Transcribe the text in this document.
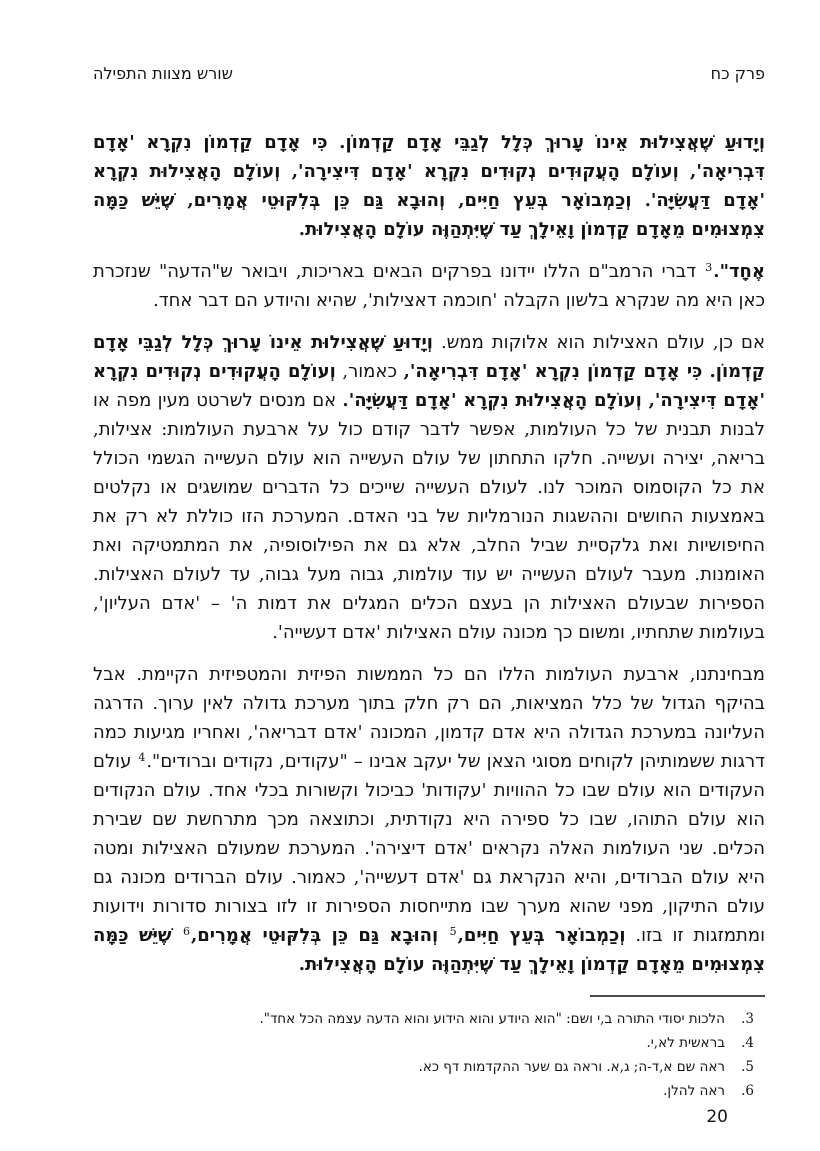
פרק כח
שורש מצוות התפילה

וְיָדוּעַ שֶׁאֲצִילוּת אֵינוֹ עָרוּךְ כְּלָל לְגַבֵּי אָדָם קַדְמוֹן. כִּי אָדָם קַדְמוֹן נִקְרָא 'אָדָם דִּבְרִיאָה', וְעוֹלָם הָעֲקוּדִים נְקוּדִים נִקְרָא 'אָדָם דִּיצִירָה', וְעוֹלָם הָאֲצִילוּת נִקְרָא 'אָדָם דַּעֲשִׂיָּה'. וְכַמְבוֹאָר בְּעֵץ חַיִּים, וְהוּבָא גַּם כֵּן בְּלִקּוּטֵי אֲמָרִים, שֶׁיֵּשׁ כַּמָּה צִמְצוּמִים מֵאָדָם קַדְמוֹן וָאֵילָךְ עַד שֶׁיִּתְהַוֶּה עוֹלָם הָאֲצִילוּת.

אֶחָד".$^3$ דברי הרמב"ם הללו יידונו בפרקים הבאים באריכות, ויבואר ש"הדעה" שנזכרת כאן היא מה שנקרא בלשון הקבלה 'חוכמה דאצילות', שהיא והיודע הם דבר אחד.

אם כן, עולם האצילות הוא אלוקות ממש. וְיָדוּעַ שֶׁאֲצִילוּת אֵינוֹ עָרוּךְ כְּלָל לְגַבֵּי אָדָם קַדְמוֹן. כִּי אָדָם קַדְמוֹן נִקְרָא 'אָדָם דִּבְרִיאָה', כאמור, וְעוֹלָם הָעֲקוּדִים נְקוּדִים נִקְרָא 'אָדָם דִּיצִירָה', וְעוֹלָם הָאֲצִילוּת נִקְרָא 'אָדָם דַּעֲשִׂיָּה'. אם מנסים לשרטט מעין מפה או לבנות תבנית של כל העולמות, אפשר לדבר קודם כול על ארבעת העולמות: אצילות, בריאה, יצירה ועשייה. חלקו התחתון של עולם העשייה הוא עולם העשייה הגשמי הכולל את כל הקוסמוס המוכר לנו. לעולם העשייה שייכים כל הדברים שמושגים או נקלטים באמצעות החושים וההשגות הנורמליות של בני האדם. המערכת הזו כוללת לא רק את החיפושיות ואת גלקסיית שביל החלב, אלא גם את הפילוסופיה, את המתמטיקה ואת האומנות. מעבר לעולם העשייה יש עוד עולמות, גבוה מעל גבוה, עד לעולם האצילות. הספירות שבעולם האצילות הן בעצם הכלים המגלים את דמות ה' – 'אדם העליון', בעולמות שתחתיו, ומשום כך מכונה עולם האצילות 'אדם דעשייה'.

מבחינתנו, ארבעת העולמות הללו הם כל הממשות הפיזית והמטפיזית הקיימת. אבל בהיקף הגדול של כלל המציאות, הם רק חלק בתוך מערכת גדולה לאין ערוך. הדרגה העליונה במערכת הגדולה היא אדם קדמון, המכונה 'אדם דבריאה', ואחריו מגיעות כמה דרגות ששמותיהן לקוחים מסוגי הצאן של יעקב אבינו – "עקודים, נקודים וברודים".$^4$ עולם העקודים הוא עולם שבו כל ההוויות 'עקודות' כביכול וקשורות בכלי אחד. עולם הנקודים הוא עולם התוהו, שבו כל ספירה היא נקודתית, וכתוצאה מכך מתרחשת שם שבירת הכלים. שני העולמות האלה נקראים 'אדם דיצירה'. המערכת שמעולם האצילות ומטה היא עולם הברודים, והיא הנקראת גם 'אדם דעשייה', כאמור. עולם הברודים מכונה גם עולם התיקון, מפני שהוא מערך שבו מתייחסות הספירות זו לזו בצורות סדורות וידועות ומתמזגות זו בזו. וְכַמְבוֹאָר בְּעֵץ חַיִּים,$^5$ וְהוּבָא גַּם כֵּן בְּלִקּוּטֵי אֲמָרִים,$^6$ שֶׁיֵּשׁ כַּמָּה צִמְצוּמִים מֵאָדָם קַדְמוֹן וָאֵילָךְ עַד שֶׁיִּתְהַוֶּה עוֹלָם הָאֲצִילוּת.

3.
הלכות יסודי התורה ב,י ושם: "הוא היודע והוא הידוע והוא הדעה עצמה הכל אחד".
4.
בראשית לא,י.
5.
ראה שם א,ד-ה; ג,א. וראה גם שער ההקדמות דף כא.
6.
ראה להלן.
20
